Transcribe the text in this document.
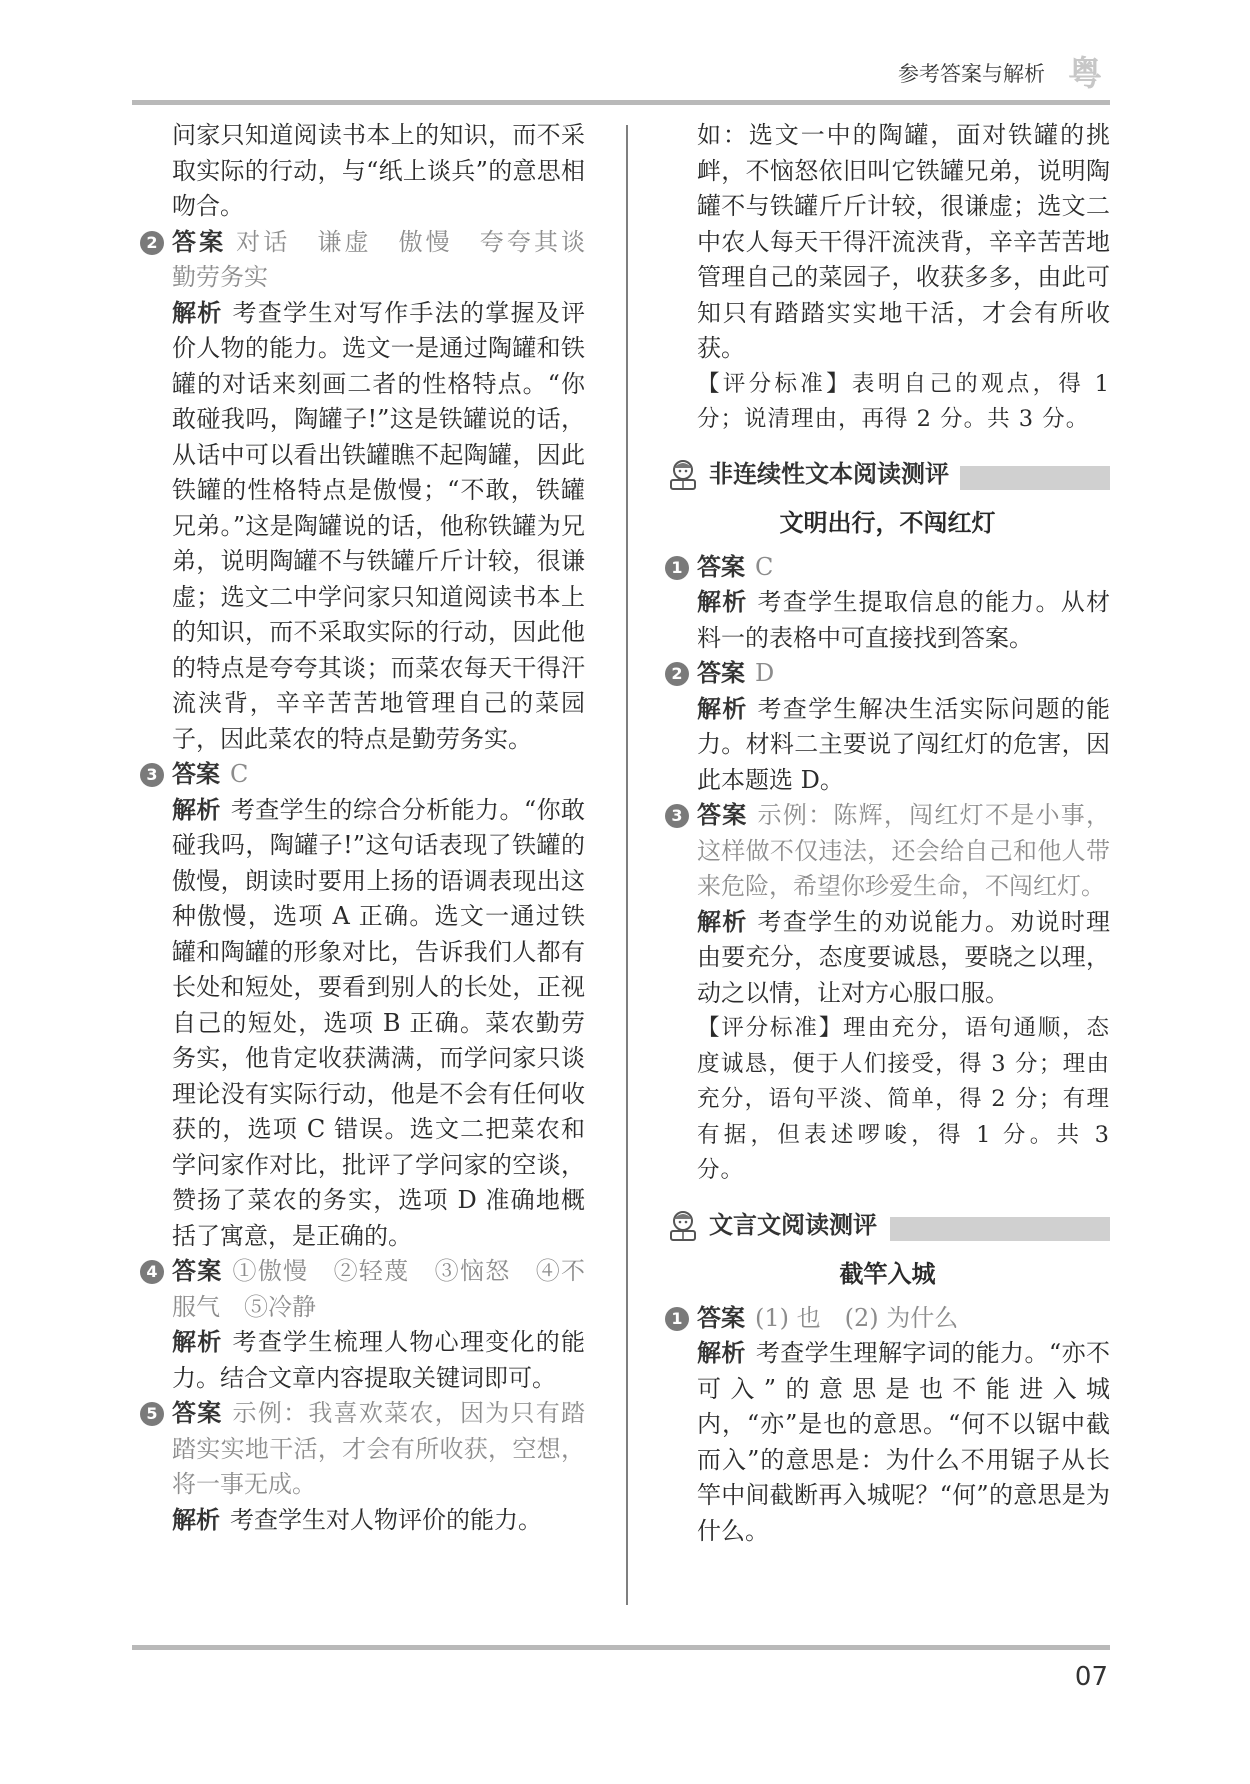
参考答案与解析 粤

问家只知道阅读书本上的知识，而不采取实际的行动，与“纸上谈兵”的意思相吻合。

2 答案 对话　谦虚　傲慢　夸夸其谈　勤劳务实

解析 考查学生对写作手法的掌握及评价人物的能力。选文一是通过陶罐和铁罐的对话来刻画二者的性格特点。“你敢碰我吗，陶罐子!”这是铁罐说的话，从话中可以看出铁罐瞧不起陶罐，因此铁罐的性格特点是傲慢；“不敢，铁罐兄弟。”这是陶罐说的话，他称铁罐为兄弟，说明陶罐不与铁罐斤斤计较，很谦虚；选文二中学问家只知道阅读书本上的知识，而不采取实际的行动，因此他的特点是夸夸其谈；而菜农每天干得汗流浃背，辛辛苦苦地管理自己的菜园子，因此菜农的特点是勤劳务实。

3 答案 C

解析 考查学生的综合分析能力。“你敢碰我吗，陶罐子!”这句话表现了铁罐的傲慢，朗读时要用上扬的语调表现出这种傲慢，选项 A 正确。选文一通过铁罐和陶罐的形象对比，告诉我们人都有长处和短处，要看到别人的长处，正视自己的短处，选项 B 正确。菜农勤劳务实，他肯定收获满满，而学问家只谈理论没有实际行动，他是不会有任何收获的，选项 C 错误。选文二把菜农和学问家作对比，批评了学问家的空谈，赞扬了菜农的务实，选项 D 准确地概括了寓意，是正确的。

4 答案 ①傲慢　②轻蔑　③恼怒　④不服气　⑤冷静

解析 考查学生梳理人物心理变化的能力。结合文章内容提取关键词即可。

5 答案 示例：我喜欢菜农，因为只有踏踏实实地干活，才会有所收获，空想，将一事无成。

解析 考查学生对人物评价的能力。

如：选文一中的陶罐，面对铁罐的挑衅，不恼怒依旧叫它铁罐兄弟，说明陶罐不与铁罐斤斤计较，很谦虚；选文二中农人每天干得汗流浃背，辛辛苦苦地管理自己的菜园子，收获多多，由此可知只有踏踏实实地干活，才会有所收获。

【评分标准】表明自己的观点，得 1 分；说清理由，再得 2 分。共 3 分。

非连续性文本阅读测评

文明出行，不闯红灯

1 答案 C

解析 考查学生提取信息的能力。从材料一的表格中可直接找到答案。

2 答案 D

解析 考查学生解决生活实际问题的能力。材料二主要说了闯红灯的危害，因此本题选 D。

3 答案 示例：陈辉，闯红灯不是小事，这样做不仅违法，还会给自己和他人带来危险，希望你珍爱生命，不闯红灯。

解析 考查学生的劝说能力。劝说时理由要充分，态度要诚恳，要晓之以理，动之以情，让对方心服口服。

【评分标准】理由充分，语句通顺，态度诚恳，便于人们接受，得 3 分；理由充分，语句平淡、简单，得 2 分；有理有据，但表述啰唆，得 1 分。共 3 分。

文言文阅读测评

截竿入城

1 答案 (1) 也　(2) 为什么

解析 考查学生理解字词的能力。“亦不可入”的意思是也不能进入城内，“亦”是也的意思。“何不以锯中截而入”的意思是：为什么不用锯子从长竿中间截断再入城呢？“何”的意思是为什么。

07
